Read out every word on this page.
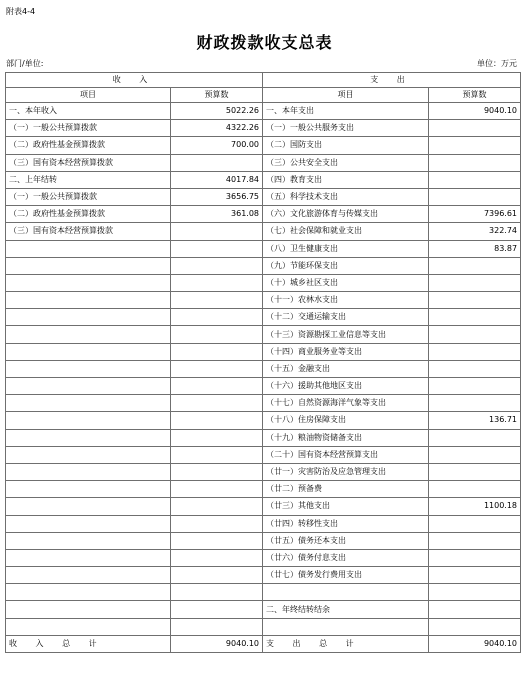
附表4-4
财政拨款收支总表
部门/单位:	单位：万元
收 入		支 出	
项目	预算数	项目	预算数
一、本年收入	5022.26	一、本年支出	9040.10
（一）一般公共预算拨款	4322.26	（一）一般公共服务支出	
（二）政府性基金预算拨款	700.00	（二）国防支出	
（三）国有资本经营预算拨款		（三）公共安全支出	
二、上年结转	4017.84	（四）教育支出	
（一）一般公共预算拨款	3656.75	（五）科学技术支出	
（二）政府性基金预算拨款	361.08	（六）文化旅游体育与传媒支出	7396.61
（三）国有资本经营预算拨款		（七）社会保障和就业支出	322.74
		（八）卫生健康支出	83.87
		（九）节能环保支出	
		（十）城乡社区支出	
		（十一）农林水支出	
		（十二）交通运输支出	
		（十三）资源勘探工业信息等支出	
		（十四）商业服务业等支出	
		（十五）金融支出	
		（十六）援助其他地区支出	
		（十七）自然资源海洋气象等支出	
		（十八）住房保障支出	136.71
		（十九）粮油物资储备支出	
		（二十）国有资本经营预算支出	
		（廿一）灾害防治及应急管理支出	
		（廿二）预备费	
		（廿三）其他支出	1100.18
		（廿四）转移性支出	
		（廿五）债务还本支出	
		（廿六）债务付息支出	
		（廿七）债务发行费用支出	

		二、年终结转结余	

收 入 总 计	9040.10	支 出 总 计	9040.10
